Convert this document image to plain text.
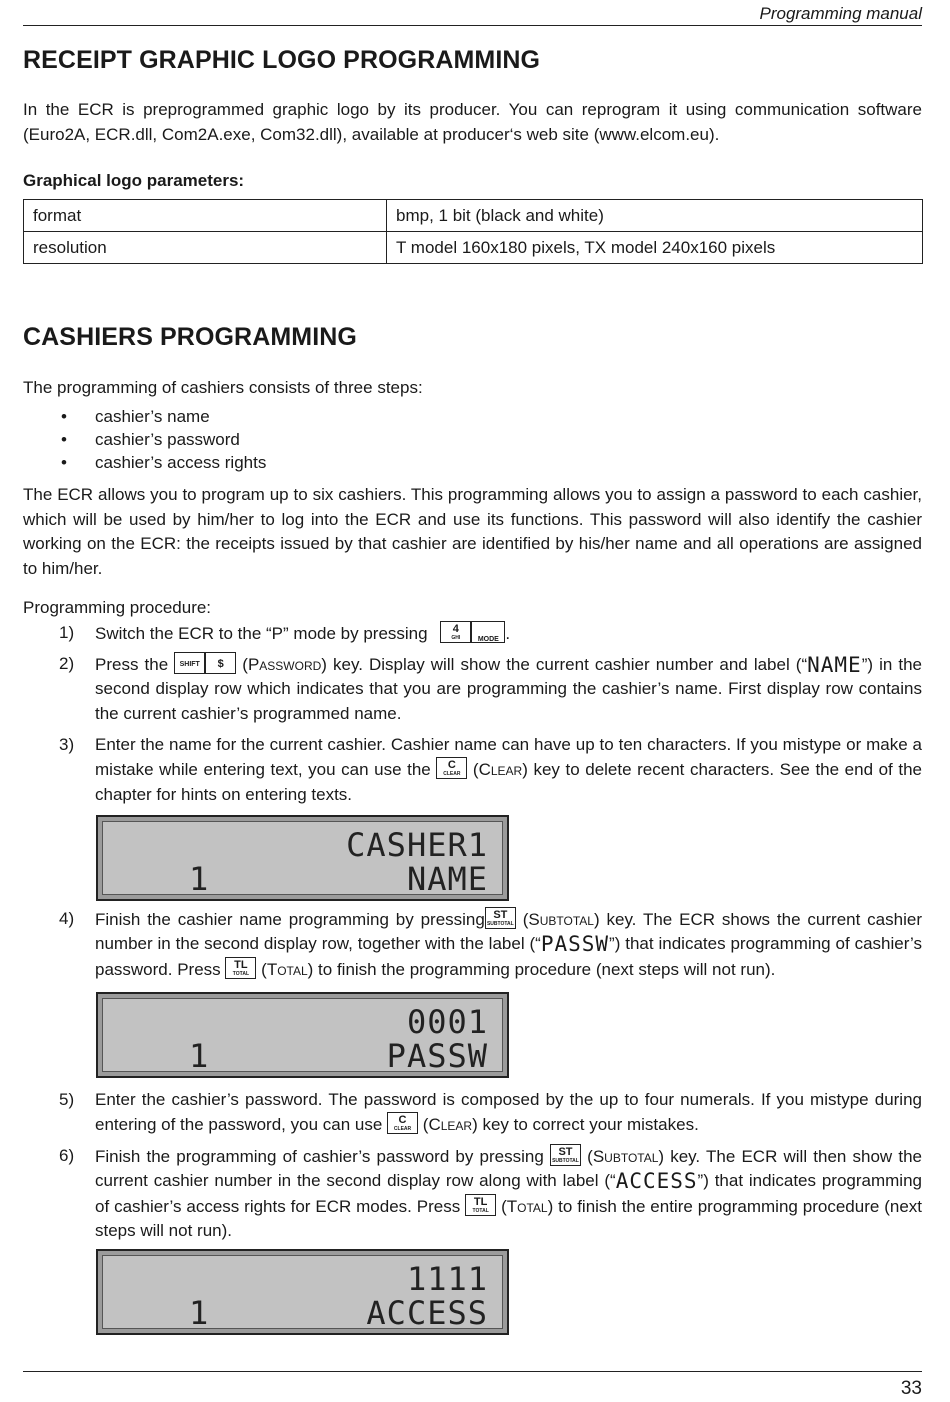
Programming manual
RECEIPT GRAPHIC LOGO PROGRAMMING

In the ECR is preprogrammed graphic logo by its producer. You can reprogram it using communication software (Euro2A, ECR.dll, Com2A.exe, Com32.dll), available at producer‘s web site (www.elcom.eu).

Graphical logo parameters:
format	bmp, 1 bit (black and white)
resolution	T model 160x180 pixels, TX model 240x160 pixels
CASHIERS PROGRAMMING

The programming of cashiers consists of three steps:

• cashier’s name
• cashier’s password
• cashier’s access rights

The ECR allows you to program up to six cashiers. This programming allows you to assign a password to each cashier, which will be used by him/her to log into the ECR and use its functions. This password will also identify the cashier working on the ECR: the receipts issued by that cashier are identified by his/her name and all operations are assigned to him/her.

Programming procedure:

1) Switch the ECR to the “P” mode by pressing	4
GHI	MODE .
2) Press the	SHIFT	$	(Password) key. Display will show the current cashier number and label (“NAME”) in the second display row which indicates that you are programming the cashier’s name. First display row contains the current cashier’s programmed name.
3) Enter the name for the current cashier. Cashier name can have up to ten characters. If you mistype or make a mistake while entering text, you can use the	C
CLEAR (Clear) key to delete recent characters. See the end of the chapter for hints on entering texts.
CASHER1
1	NAME
4) Finish the cashier name programming by pressing ST
SUBTOTAL (Subtotal) key. The ECR shows the current cashier number in the second display row, together with the label (“PASSW”) that indicates programming of cashier’s password. Press	TL
TOTAL (Total) to finish the programming procedure (next steps will not run).
0001
1	PASSW
5) Enter the cashier’s password. The password is composed by the up to four numerals. If you mistype during entering of the password, you can use	C
CLEAR (Clear) key to correct your mistakes.
6) Finish the programming of cashier’s password by pressing	ST
SUBTOTAL (Subtotal) key. The ECR will then show the current cashier number in the second display row along with label (“ACCESS”) that indicates programming of cashier’s access rights for ECR modes. Press	TL
TOTAL (Total) to finish the entire programming procedure (next steps will not run).
1111
1	ACCESS
33
